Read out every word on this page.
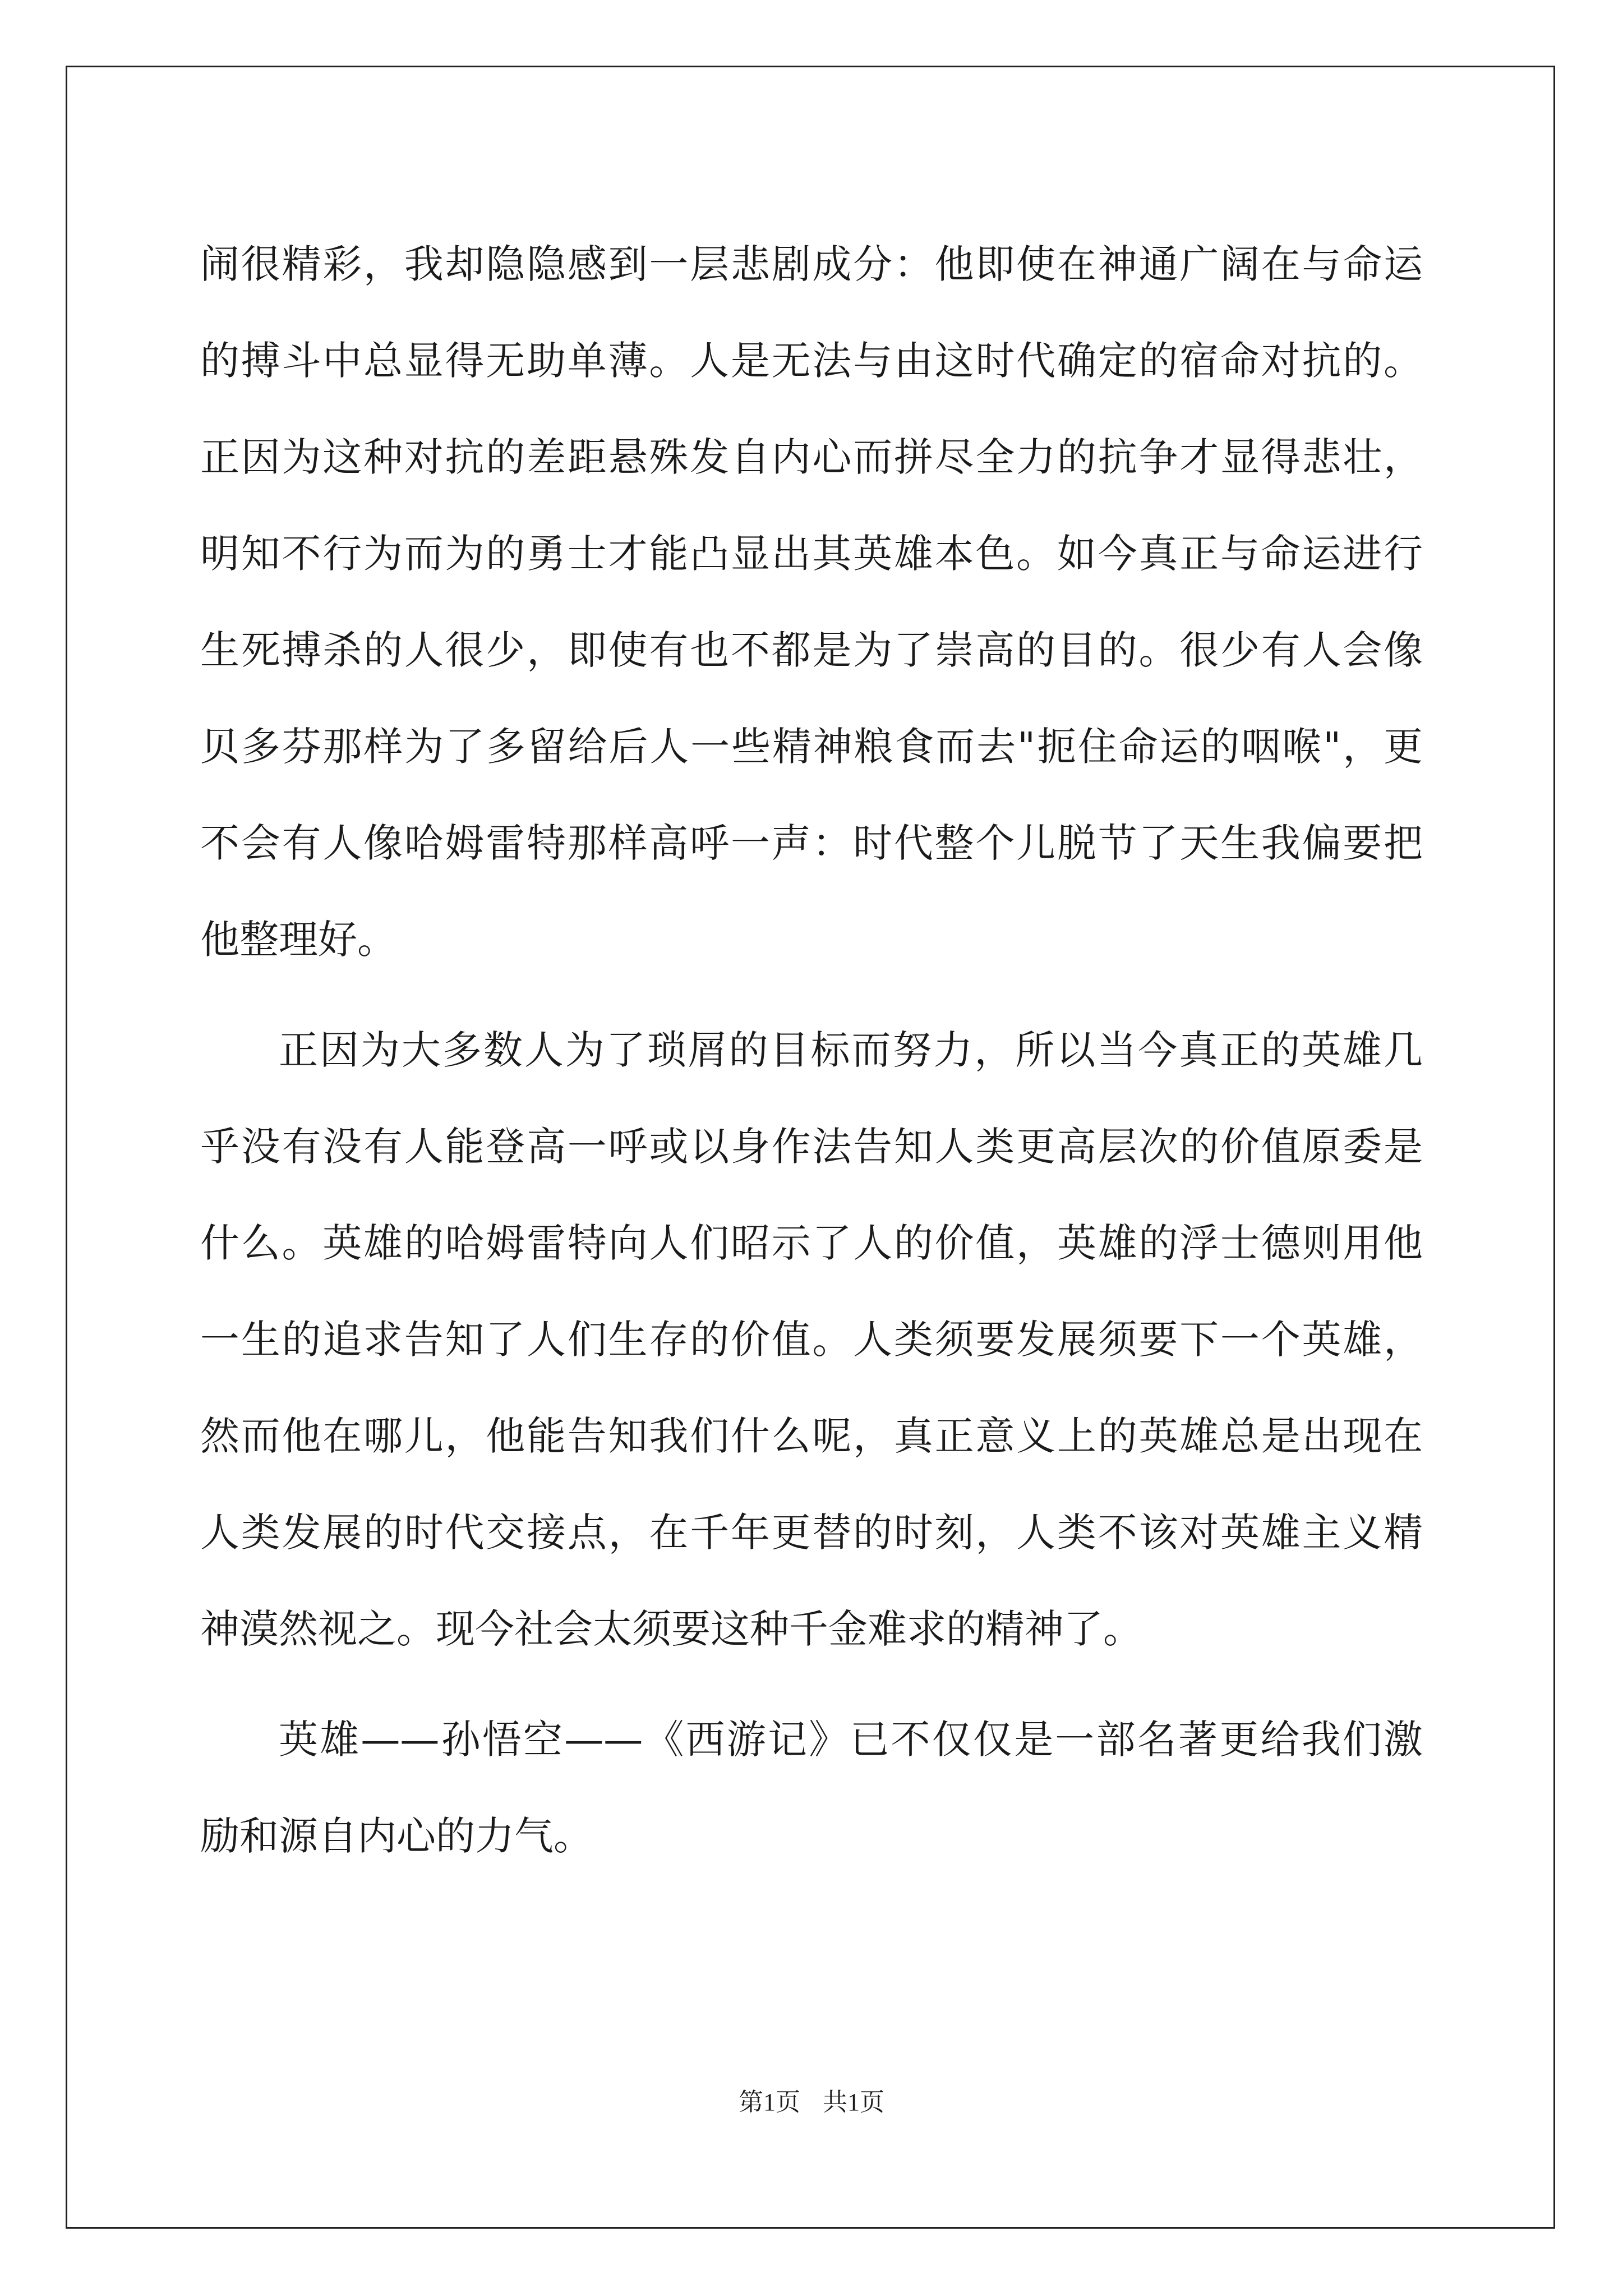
闹很精彩，我却隐隐感到一层悲剧成分：他即使在神通广阔在与命运
的搏斗中总显得无助单薄。人是无法与由这时代确定的宿命对抗的。
正因为这种对抗的差距悬殊发自内心而拼尽全力的抗争才显得悲壮，
明知不行为而为的勇士才能凸显出其英雄本色。如今真正与命运进行
生死搏杀的人很少，即使有也不都是为了崇高的目的。很少有人会像
贝多芬那样为了多留给后人一些精神粮食而去"扼住命运的咽喉"，更
不会有人像哈姆雷特那样高呼一声：时代整个儿脱节了天生我偏要把
他整理好。
正因为大多数人为了琐屑的目标而努力，所以当今真正的英雄几
乎没有没有人能登高一呼或以身作法告知人类更高层次的价值原委是
什么。英雄的哈姆雷特向人们昭示了人的价值，英雄的浮士德则用他
一生的追求告知了人们生存的价值。人类须要发展须要下一个英雄，
然而他在哪儿，他能告知我们什么呢，真正意义上的英雄总是出现在
人类发展的时代交接点，在千年更替的时刻，人类不该对英雄主义精
神漠然视之。现今社会太须要这种千金难求的精神了。
英雄——孙悟空——《西游记》已不仅仅是一部名著更给我们激
励和源自内心的力气。
第1页 共1页
